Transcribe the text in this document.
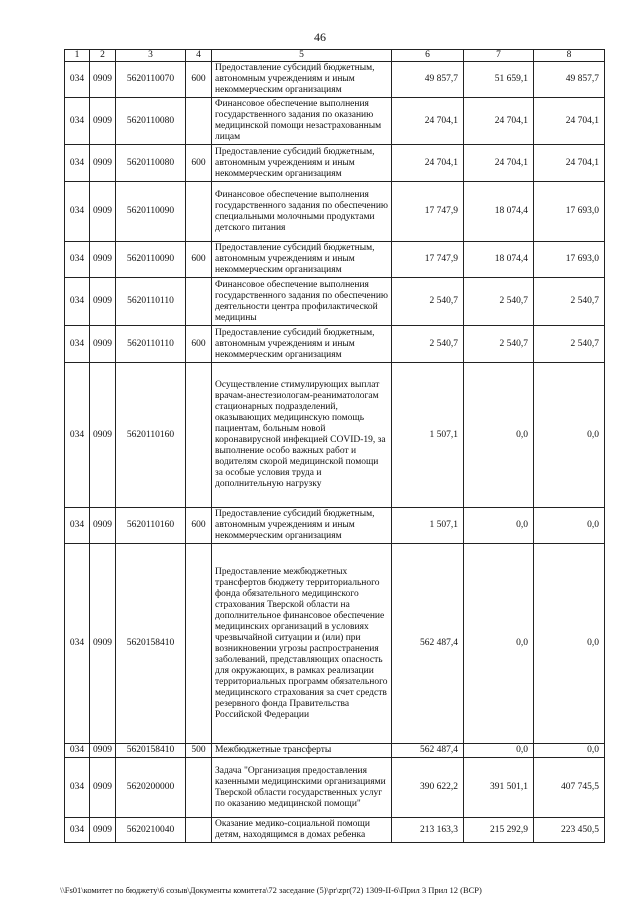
46
1	2	3	4	5	6	7	8
034	0909	5620110070	600	Предоставление субсидий бюджетным, автономным учреждениям и иным некоммерческим организациям	49 857,7	51 659,1	49 857,7
034	0909	5620110080		Финансовое обеспечение выполнения государственного задания по оказанию медицинской помощи незастрахованным лицам	24 704,1	24 704,1	24 704,1
034	0909	5620110080	600	Предоставление субсидий бюджетным, автономным учреждениям и иным некоммерческим организациям	24 704,1	24 704,1	24 704,1
034	0909	5620110090		Финансовое обеспечение выполнения государственного задания по обеспечению специальными молочными продуктами детского питания	17 747,9	18 074,4	17 693,0
034	0909	5620110090	600	Предоставление субсидий бюджетным, автономным учреждениям и иным некоммерческим организациям	17 747,9	18 074,4	17 693,0
034	0909	5620110110		Финансовое обеспечение выполнения государственного задания по обеспечению деятельности центра профилактической медицины	2 540,7	2 540,7	2 540,7
034	0909	5620110110	600	Предоставление субсидий бюджетным, автономным учреждениям и иным некоммерческим организациям	2 540,7	2 540,7	2 540,7
034	0909	5620110160		Осуществление стимулирующих выплат врачам-анестезиологам-реаниматологам стационарных подразделений, оказывающих медицинскую помощь пациентам, больным новой коронавирусной инфекцией COVID-19, за выполнение особо важных работ и водителям скорой медицинской помощи за особые условия труда и дополнительную нагрузку	1 507,1	0,0	0,0
034	0909	5620110160	600	Предоставление субсидий бюджетным, автономным учреждениям и иным некоммерческим организациям	1 507,1	0,0	0,0
034	0909	5620158410		Предоставление межбюджетных трансфертов бюджету территориального фонда обязательного медицинского страхования Тверской области на дополнительное финансовое обеспечение медицинских организаций в условиях чрезвычайной ситуации и (или) при возникновении угрозы распространения заболеваний, представляющих опасность для окружающих, в рамках реализации территориальных программ обязательного медицинского страхования за счет средств резервного фонда Правительства Российской Федерации	562 487,4	0,0	0,0
034	0909	5620158410	500	Межбюджетные трансферты	562 487,4	0,0	0,0
034	0909	5620200000		Задача "Организация предоставления казенными медицинскими организациями Тверской области государственных услуг по оказанию медицинской помощи"	390 622,2	391 501,1	407 745,5
034	0909	5620210040		Оказание медико-социальной помощи детям, находящимся в домах ребенка	213 163,3	215 292,9	223 450,5
\\Fs01\комитет по бюджету\6 созыв\Документы комитета\72 заседание (5)\pr\zpr(72) 1309-II-6\Прил 3 Прил 12 (ВСР)
